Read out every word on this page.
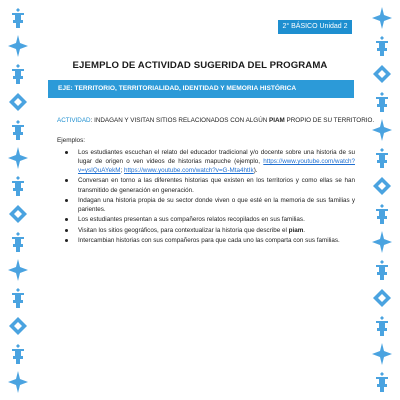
2° BÁSICO Unidad 2
EJEMPLO DE ACTIVIDAD SUGERIDA DEL PROGRAMA
EJE: TERRITORIO, TERRITORIALIDAD, IDENTIDAD Y MEMORIA HISTÓRICA
ACTIVIDAD: INDAGAN Y VISITAN SITIOS RELACIONADOS CON ALGÚN PIAM PROPIO DE SU TERRITORIO.
Ejemplos:
Los estudiantes escuchan el relato del educador tradicional y/o docente sobre una historia de su lugar de origen o ven videos de historias mapuche (ejemplo, https://www.youtube.com/watch?v=ysIQuAYekM; https://www.youtube.com/watch?v=G-Mta4htIk).
Conversan en torno a las diferentes historias que existen en los territorios y como ellas se han transmitido de generación en generación.
Indagan una historia propia de su sector donde viven o que esté en la memoria de sus familias y parientes.
Los estudiantes presentan a sus compañeros relatos recopilados en sus familias.
Visitan los sitios geográficos, para contextualizar la historia que describe el piam.
Intercambian historias con sus compañeros para que cada uno las comparta con sus familias.
